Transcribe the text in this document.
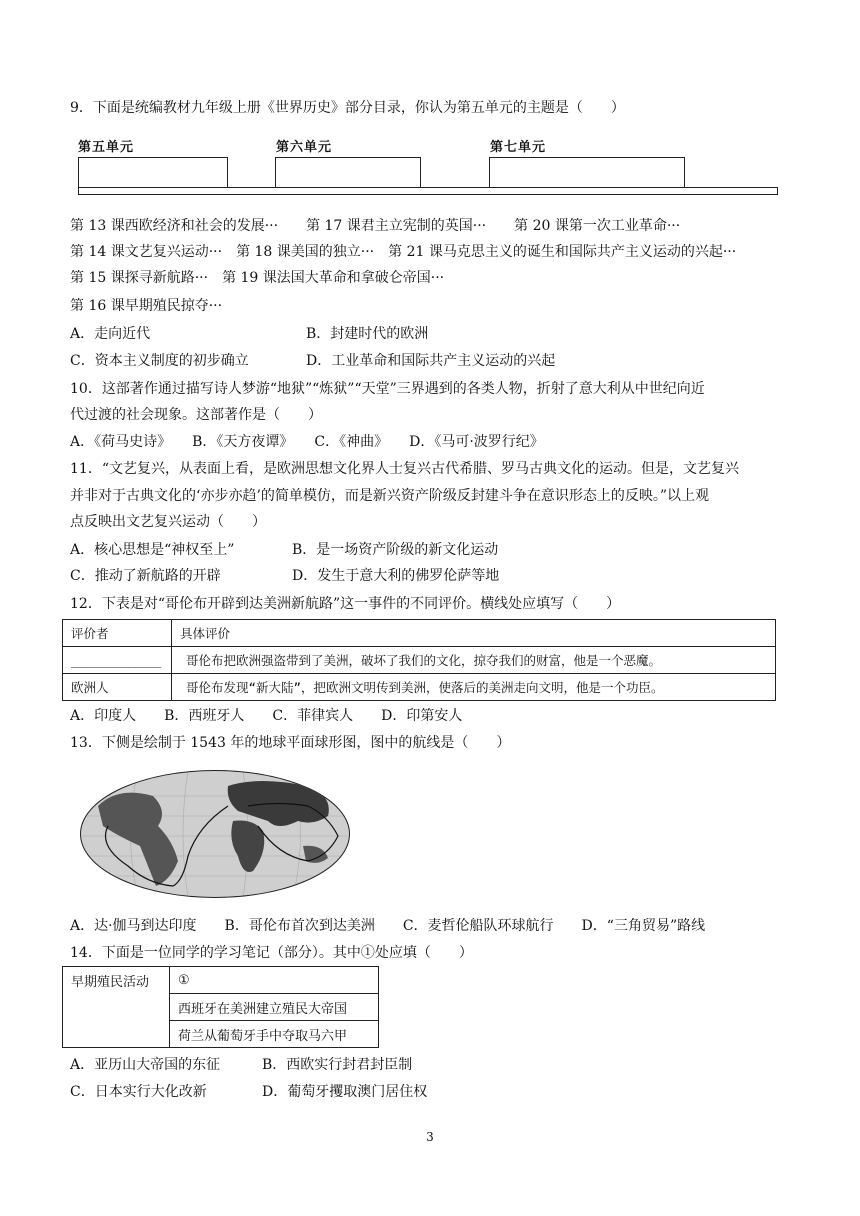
9．下面是统编教材九年级上册《世界历史》部分目录，你认为第五单元的主题是（　　）
第五单元	第六单元	第七单元
第 13 课西欧经济和社会的发展···　　第 17 课君主立宪制的英国···　　第 20 课第一次工业革命···
第 14 课文艺复兴运动···　第 18 课美国的独立···　第 21 课马克思主义的诞生和国际共产主义运动的兴起···
第 15 课探寻新航路···　第 19 课法国大革命和拿破仑帝国···
第 16 课早期殖民掠夺···
A．走向近代	B．封建时代的欧洲
C．资本主义制度的初步确立	D．工业革命和国际共产主义运动的兴起
10．这部著作通过描写诗人梦游“地狱”“炼狱”“天堂”三界遇到的各类人物，折射了意大利从中世纪向近
代过渡的社会现象。这部著作是（　　）
A．《荷马史诗》　　B．《天方夜谭》　　C．《神曲》　　D．《马可·波罗行纪》
11．“文艺复兴，从表面上看，是欧洲思想文化界人士复兴古代希腊、罗马古典文化的运动。但是，文艺复兴
并非对于古典文化的‘亦步亦趋’的简单模仿，而是新兴资产阶级反封建斗争在意识形态上的反映。”以上观
点反映出文艺复兴运动（　　）
A．核心思想是“神权至上”	B．是一场资产阶级的新文化运动
C．推动了新航路的开辟	D．发生于意大利的佛罗伦萨等地
12．下表是对“哥伦布开辟到达美洲新航路”这一事件的不同评价。横线处应填写（　　）
评价者	具体评价
____________	哥伦布把欧洲强盗带到了美洲，破坏了我们的文化，掠夺我们的财富，他是一个恶魔。
欧洲人	哥伦布发现“新大陆”，把欧洲文明传到美洲，使落后的美洲走向文明，他是一个功臣。
A．印度人　　B．西班牙人　　C．菲律宾人　　D．印第安人
13．下侧是绘制于 1543 年的地球平面球形图，图中的航线是（　　）
A．达·伽马到达印度　　B．哥伦布首次到达美洲　　C．麦哲伦船队环球航行　　D．“三角贸易”路线
14．下面是一位同学的学习笔记（部分）。其中①处应填（　　）
早期殖民活动	①
西班牙在美洲建立殖民大帝国
荷兰从葡萄牙手中夺取马六甲
A．亚历山大帝国的东征	B．西欧实行封君封臣制
C．日本实行大化改新	D．葡萄牙攫取澳门居住权
3
